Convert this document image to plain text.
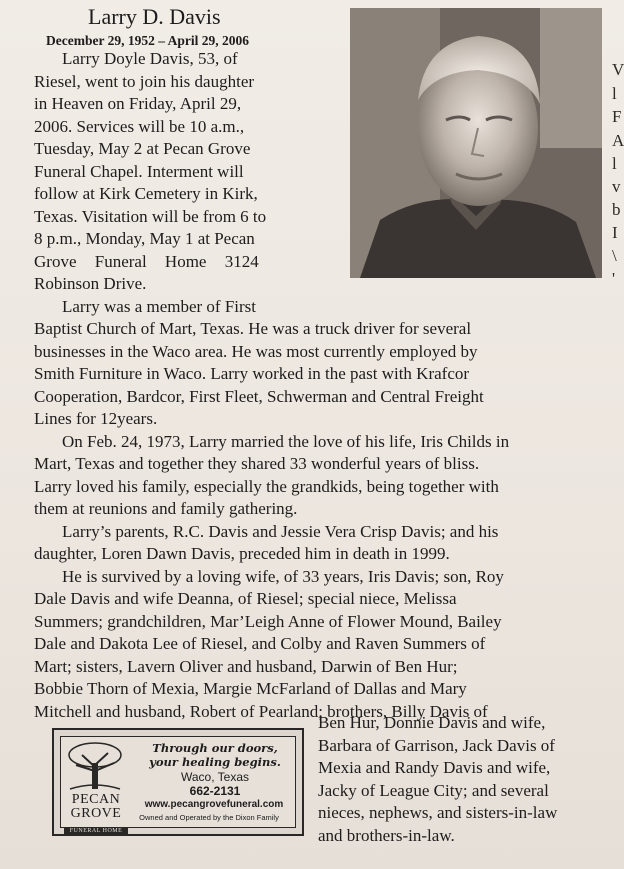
Larry D. Davis
December 29, 1952 – April 29, 2006
Larry Doyle Davis, 53, of
Riesel, went to join his daughter
in Heaven on Friday, April 29,
2006. Services will be 10 a.m.,
Tuesday, May 2 at Pecan Grove
Funeral Chapel. Interment will
follow at Kirk Cemetery in Kirk,
Texas. Visitation will be from 6 to
8 p.m., Monday, May 1 at Pecan
Grove Funeral Home 3124
Robinson Drive.
Larry was a member of First
Baptist Church of Mart, Texas. He was a truck driver for several
businesses in the Waco area. He was most currently employed by
Smith Furniture in Waco. Larry worked in the past with Krafcor
Cooperation, Bardcor, First Fleet, Schwerman and Central Freight
Lines for 12years.
On Feb. 24, 1973, Larry married the love of his life, Iris Childs in
Mart, Texas and together they shared 33 wonderful years of bliss.
Larry loved his family, especially the grandkids, being together with
them at reunions and family gathering.
Larry’s parents, R.C. Davis and Jessie Vera Crisp Davis; and his
daughter, Loren Dawn Davis, preceded him in death in 1999.
He is survived by a loving wife, of 33 years, Iris Davis; son, Roy
Dale Davis and wife Deanna, of Riesel; special niece, Melissa
Summers; grandchildren, Mar’Leigh Anne of Flower Mound, Bailey
Dale and Dakota Lee of Riesel, and Colby and Raven Summers of
Mart; sisters, Lavern Oliver and husband, Darwin of Ben Hur;
Bobbie Thorn of Mexia, Margie McFarland of Dallas and Mary
Mitchell and husband, Robert of Pearland; brothers, Billy Davis of
Ben Hur, Donnie Davis and wife,
Barbara of Garrison, Jack Davis of
Mexia and Randy Davis and wife,
Jacky of League City; and several
nieces, nephews, and sisters-in-law
and brothers-in-law.
PECAN
GROVE
FUNERAL HOME
Through our doors,
your healing begins.
Waco, Texas
662-2131
www.pecangrovefuneral.com
Owned and Operated by the Dixon Family
V
l
F
A
l
v
b
I
\
'
